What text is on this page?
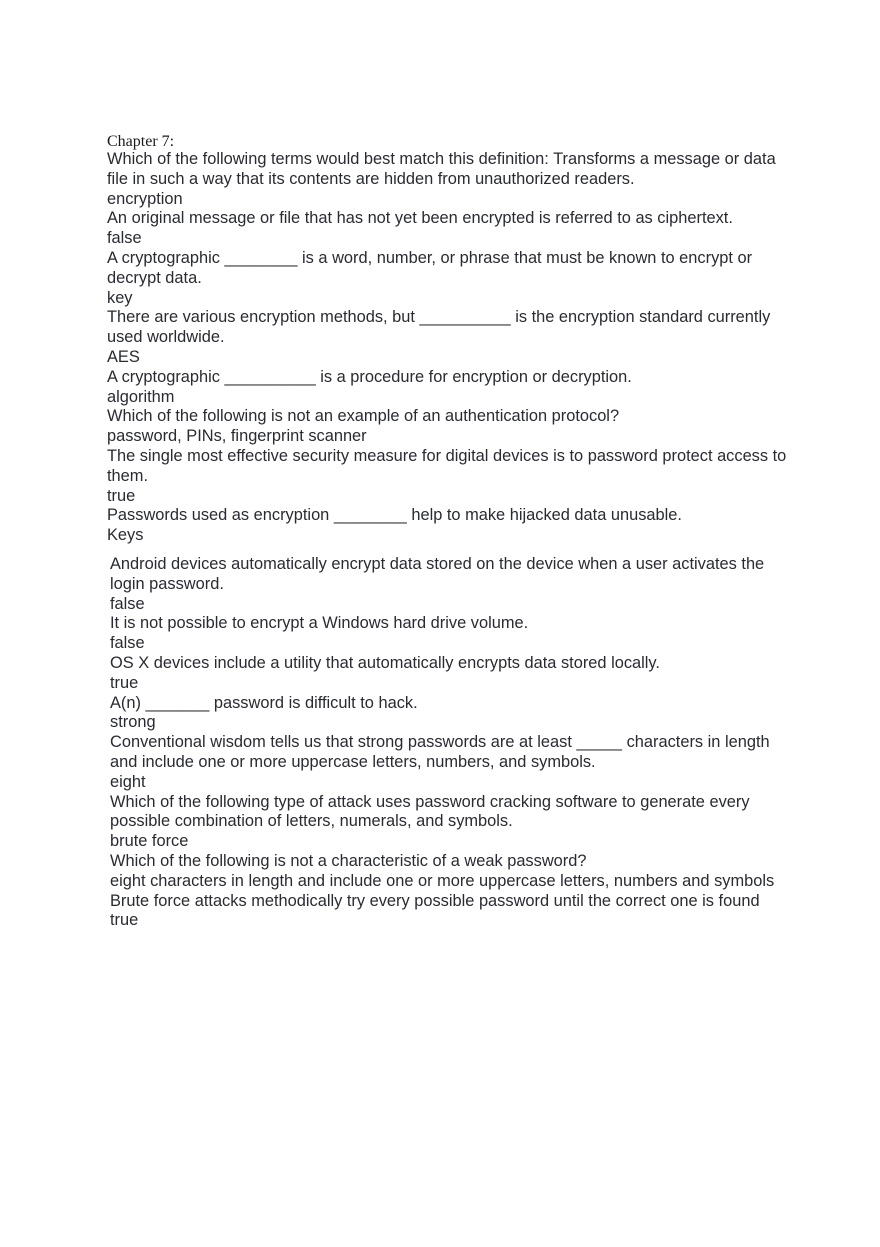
Chapter 7:

Which of the following terms would best match this definition: Transforms a message or data file in such a way that its contents are hidden from unauthorized readers.

encryption

An original message or file that has not yet been encrypted is referred to as ciphertext.

false

A cryptographic ________ is a word, number, or phrase that must be known to encrypt or decrypt data.

key

There are various encryption methods, but __________ is the encryption standard currently used worldwide.

AES

A cryptographic __________ is a procedure for encryption or decryption.

algorithm

Which of the following is not an example of an authentication protocol?

password, PINs, fingerprint scanner

The single most effective security measure for digital devices is to password protect access to them.

true

Passwords used as encryption ________ help to make hijacked data unusable.

Keys

Android devices automatically encrypt data stored on the device when a user activates the login password.

false

It is not possible to encrypt a Windows hard drive volume.

false

OS X devices include a utility that automatically encrypts data stored locally.

true

A(n) _______ password is difficult to hack.

strong

Conventional wisdom tells us that strong passwords are at least _____ characters in length and include one or more uppercase letters, numbers, and symbols.

eight

Which of the following type of attack uses password cracking software to generate every possible combination of letters, numerals, and symbols.

brute force

Which of the following is not a characteristic of a weak password?

eight characters in length and include one or more uppercase letters, numbers and symbols

Brute force attacks methodically try every possible password until the correct one is found

true
